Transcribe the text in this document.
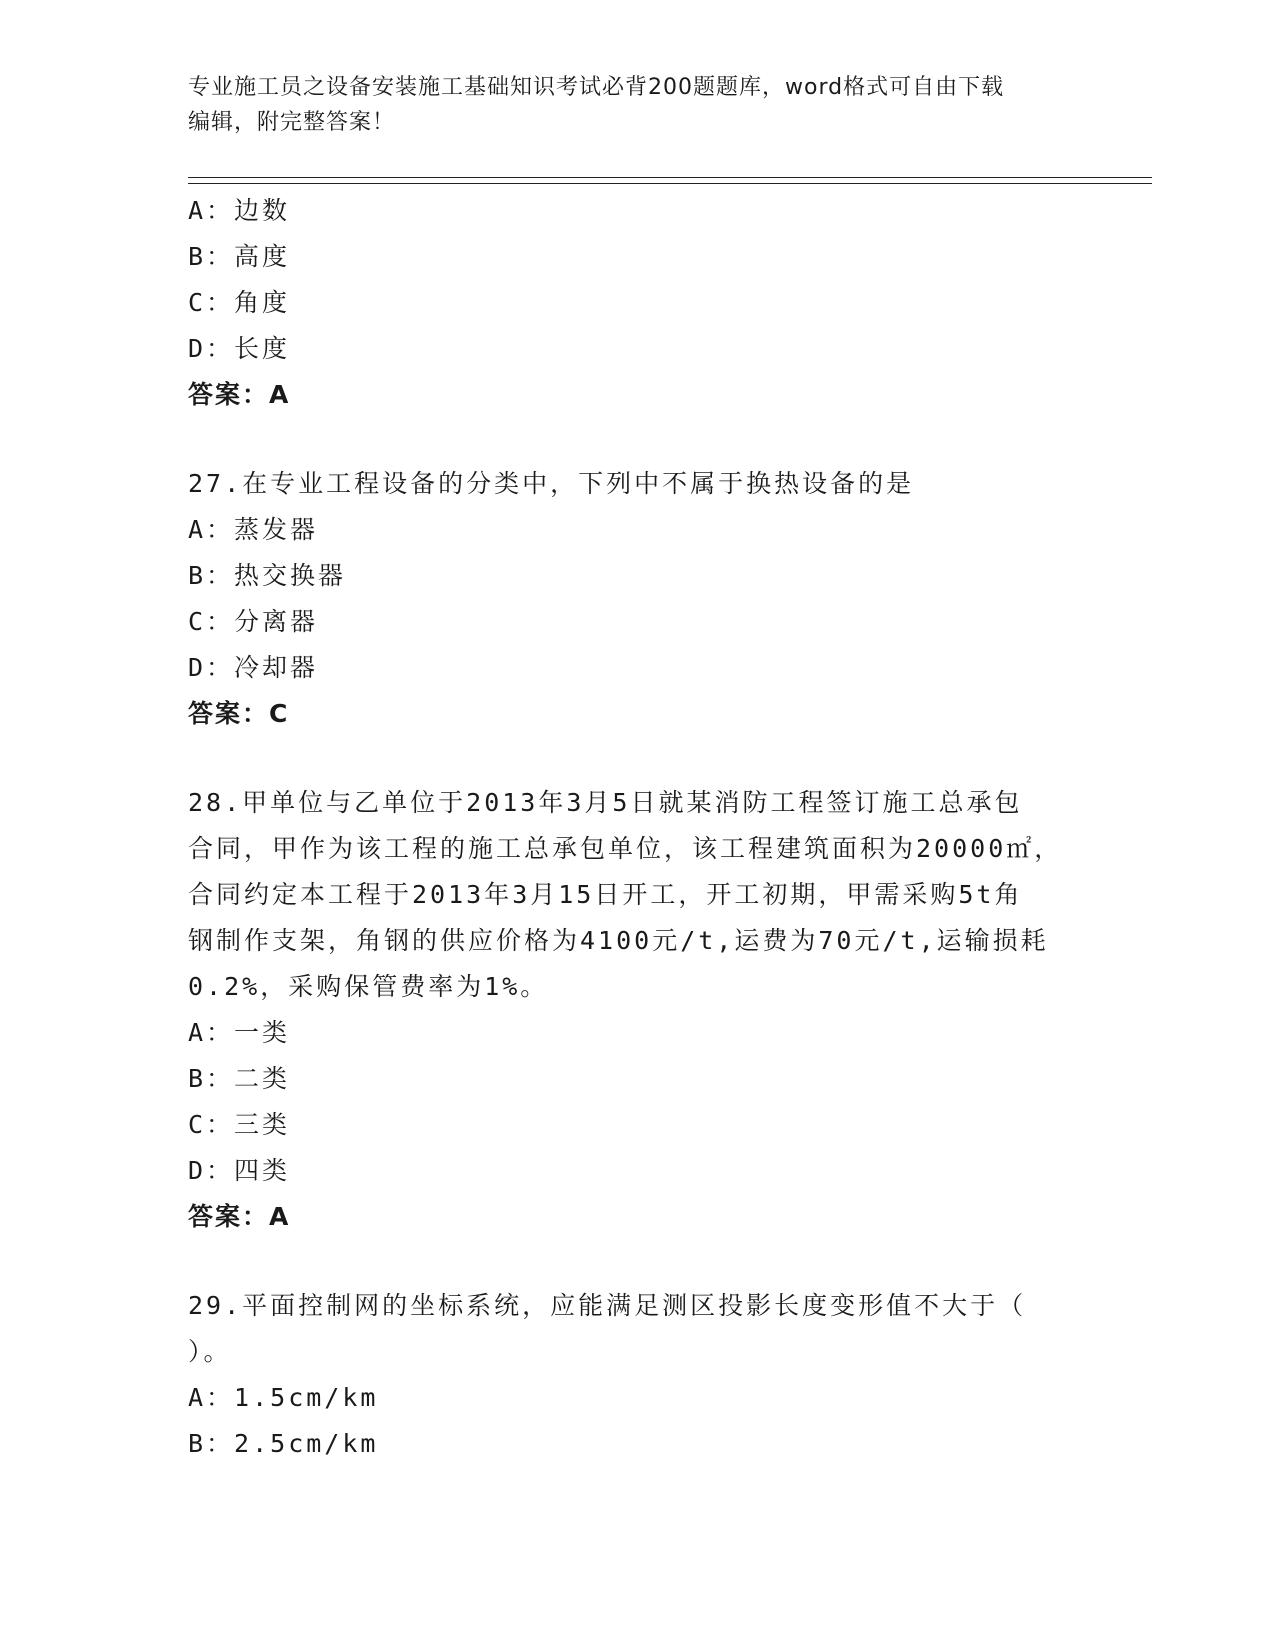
专业施工员之设备安装施工基础知识考试必背200题题库，word格式可自由下载
编辑，附完整答案！
A：边数
B：高度
C：角度
D：长度
答案：A
27.在专业工程设备的分类中，下列中不属于换热设备的是
A：蒸发器
B：热交换器
C：分离器
D：冷却器
答案：C
28.甲单位与乙单位于2013年3月5日就某消防工程签订施工总承包
合同，甲作为该工程的施工总承包单位，该工程建筑面积为20000㎡，
合同约定本工程于2013年3月15日开工，开工初期，甲需采购5t角
钢制作支架，角钢的供应价格为4100元/t,运费为70元/t,运输损耗
0.2%，采购保管费率为1%。
A：一类
B：二类
C：三类
D：四类
答案：A
29.平面控制网的坐标系统，应能满足测区投影长度变形值不大于（
）。
A：1.5cm/km
B：2.5cm/km
